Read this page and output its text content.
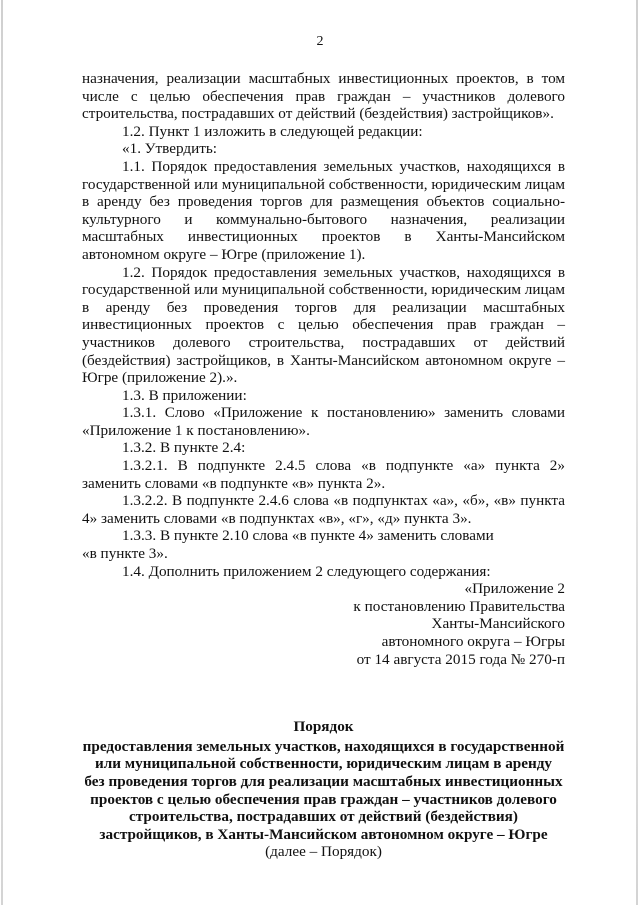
2

назначения, реализации масштабных инвестиционных проектов, в том числе с целью обеспечения прав граждан – участников долевого строительства, пострадавших от действий (бездействия) застройщиков».

1.2. Пункт 1 изложить в следующей редакции:

«1. Утвердить:

1.1. Порядок предоставления земельных участков, находящихся в государственной или муниципальной собственности, юридическим лицам в аренду без проведения торгов для размещения объектов социально-культурного и коммунально-бытового назначения, реализации масштабных инвестиционных проектов в Ханты-Мансийском автономном округе – Югре (приложение 1).

1.2. Порядок предоставления земельных участков, находящихся в государственной или муниципальной собственности, юридическим лицам в аренду без проведения торгов для реализации масштабных инвестиционных проектов с целью обеспечения прав граждан – участников долевого строительства, пострадавших от действий (бездействия) застройщиков, в Ханты-Мансийском автономном округе – Югре (приложение 2).».

1.3. В приложении:

1.3.1. Слово «Приложение к постановлению» заменить словами «Приложение 1 к постановлению».

1.3.2. В пункте 2.4:

1.3.2.1. В подпункте 2.4.5 слова «в подпункте «а» пункта 2» заменить словами «в подпункте «в» пункта 2».

1.3.2.2. В подпункте 2.4.6 слова «в подпунктах «а», «б», «в» пункта 4» заменить словами «в подпунктах «в», «г», «д» пункта 3».

1.3.3. В пункте 2.10 слова «в пункте 4» заменить словами

«в пункте 3».

1.4. Дополнить приложением 2 следующего содержания:

«Приложение 2

к постановлению Правительства

Ханты-Мансийского

автономного округа – Югры

от 14 августа 2015 года № 270-п

Порядок

предоставления земельных участков, находящихся в государственной

или муниципальной собственности, юридическим лицам в аренду

без проведения торгов для реализации масштабных инвестиционных

проектов с целью обеспечения прав граждан – участников долевого

строительства, пострадавших от действий (бездействия)

застройщиков, в Ханты-Мансийском автономном округе – Югре

(далее – Порядок)
